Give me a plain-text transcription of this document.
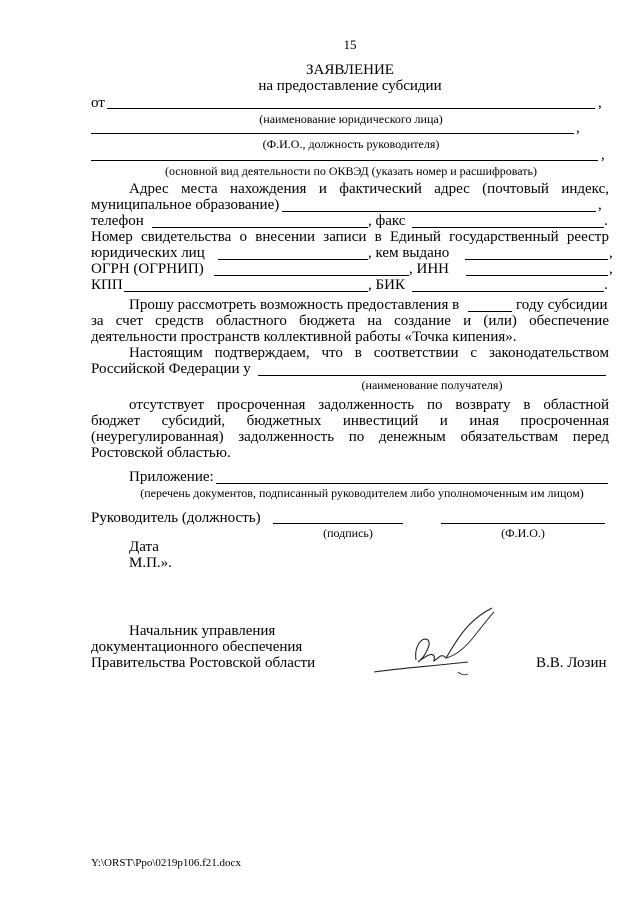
15
ЗАЯВЛЕНИЕ
на предоставление субсидии
от	,
(наименование юридического лица)
,
(Ф.И.О., должность руководителя)
,
(основной вид деятельности по ОКВЭД (указать номер и расшифровать)
Адрес места нахождения и фактический адрес (почтовый индекс,
муниципальное образование)	,
телефон	, факс	.
Номер свидетельства о внесении записи в Единый государственный реестр
юридических лиц	, кем выдано	,
ОГРН (ОГРНИП)	, ИНН	,
КПП	, БИК	.
Прошу рассмотреть возможность предоставления в	году субсидии
за счет средств областного бюджета на создание и (или) обеспечение
деятельности пространств коллективной работы «Точка кипения».
Настоящим подтверждаем, что в соответствии с законодательством
Российской Федерации у
(наименование получателя)
отсутствует просроченная задолженность по возврату в областной
бюджет субсидий, бюджетных инвестиций и иная просроченная
(неурегулированная) задолженность по денежным обязательствам перед
Ростовской областью.
Приложение:
(перечень документов, подписанный руководителем либо уполномоченным им лицом)
Руководитель (должность)
(подпись)	(Ф.И.О.)
Дата
М.П.».
Начальник управления
документационного обеспечения
Правительства Ростовской области	В.В. Лозин
Y:\ORST\Ppo\0219p106.f21.docx
